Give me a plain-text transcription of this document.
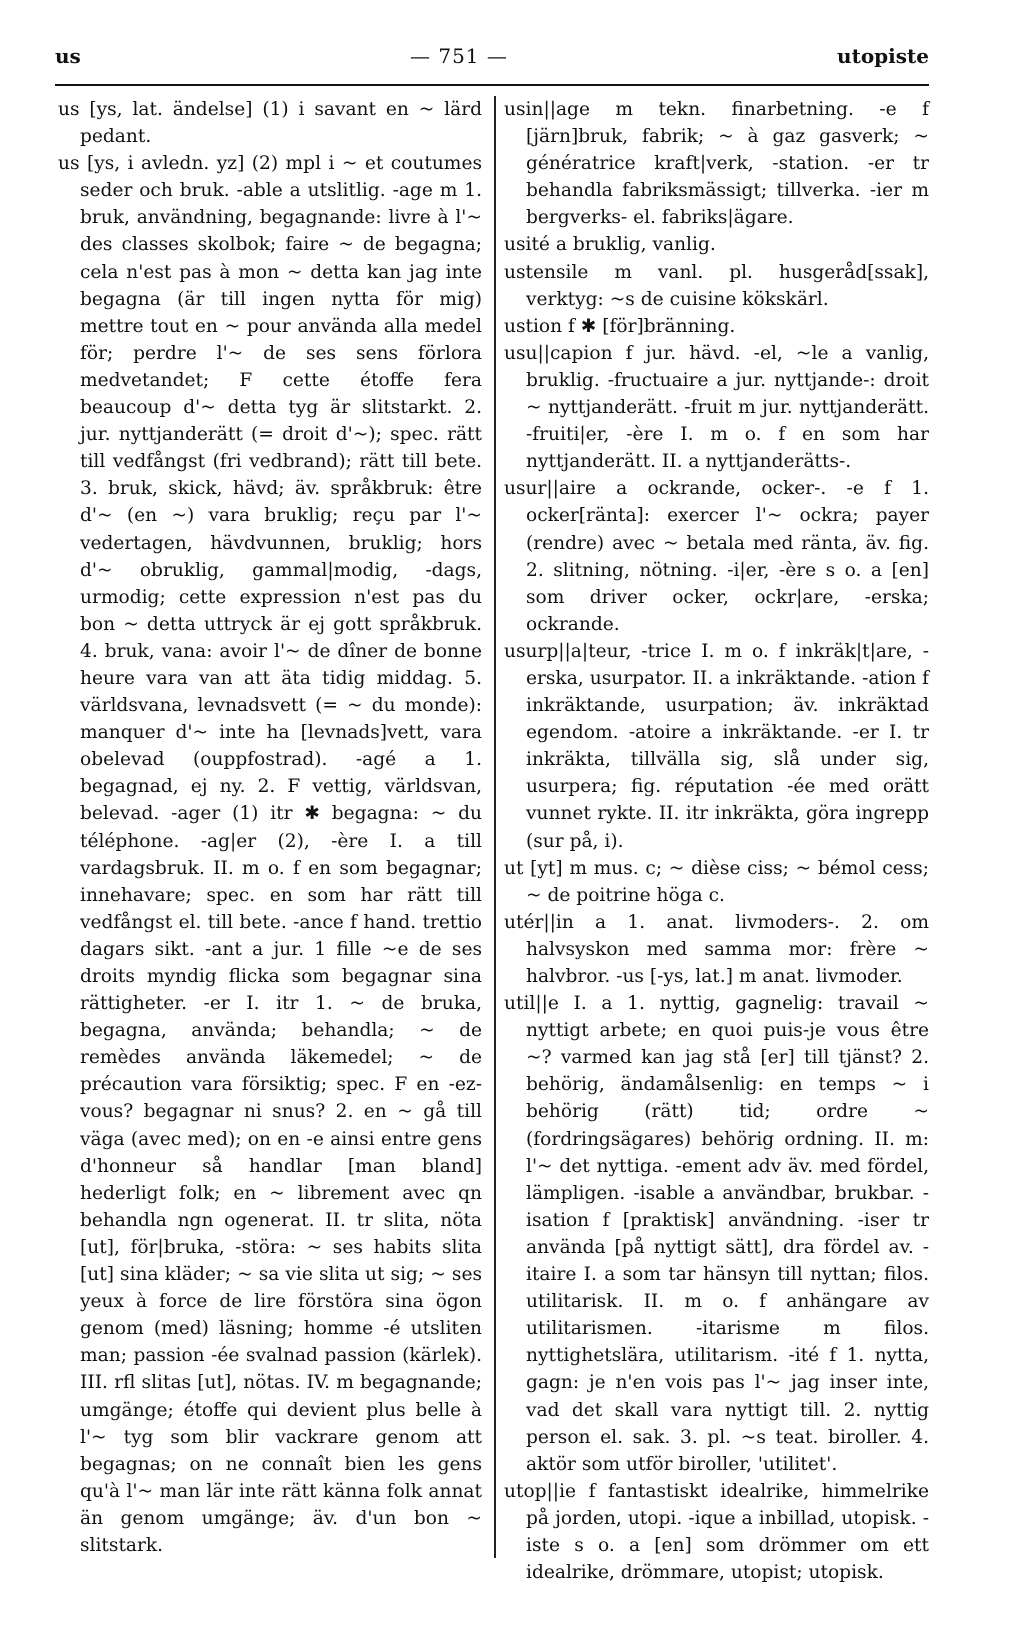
us	— 751 —	utopiste

us [ys, lat. ändelse] (1) i savant en ~ lärd pedant.

us [ys, i avledn. yz] (2) mpl i ~ et coutumes seder och bruk. -able a utslitlig. -age m 1. bruk, användning, begagnande: livre à l'~ des classes skolbok; faire ~ de begagna; cela n'est pas à mon ~ detta kan jag inte begagna (är till ingen nytta för mig) mettre tout en ~ pour använda alla medel för; perdre l'~ de ses sens förlora medvetandet; F cette étoffe fera beaucoup d'~ detta tyg är slitstarkt. 2. jur. nyttjanderätt (= droit d'~); spec. rätt till vedfångst (fri vedbrand); rätt till bete. 3. bruk, skick, hävd; äv. språkbruk: être d'~ (en ~) vara bruklig; reçu par l'~ vedertagen, hävdvunnen, bruklig; hors d'~ obruklig, gammal|modig, -dags, urmodig; cette expression n'est pas du bon ~ detta uttryck är ej gott språkbruk. 4. bruk, vana: avoir l'~ de dîner de bonne heure vara van att äta tidig middag. 5. världsvana, levnadsvett (= ~ du monde): manquer d'~ inte ha [levnads]vett, vara obelevad (ouppfostrad). -agé a 1. begagnad, ej ny. 2. F vettig, världsvan, belevad. -ager (1) itr ✱ begagna: ~ du téléphone. -ag|er (2), -ère I. a till vardagsbruk. II. m o. f en som begagnar; innehavare; spec. en som har rätt till vedfångst el. till bete. -ance f hand. trettio dagars sikt. -ant a jur. 1 fille ~e de ses droits myndig flicka som begagnar sina rättigheter. -er I. itr 1. ~ de bruka, begagna, använda; behandla; ~ de remèdes använda läkemedel; ~ de précaution vara försiktig; spec. F en -ez-vous? begagnar ni snus? 2. en ~ gå till väga (avec med); on en -e ainsi entre gens d'honneur så handlar [man bland] hederligt folk; en ~ librement avec qn behandla ngn ogenerat. II. tr slita, nöta [ut], för|bruka, -störa: ~ ses habits slita [ut] sina kläder; ~ sa vie slita ut sig; ~ ses yeux à force de lire förstöra sina ögon genom (med) läsning; homme -é utsliten man; passion -ée svalnad passion (kärlek). III. rfl slitas [ut], nötas. IV. m begagnande; umgänge; étoffe qui devient plus belle à l'~ tyg som blir vackrare genom att begagnas; on ne connaît bien les gens qu'à l'~ man lär inte rätt känna folk annat än genom umgänge; äv. d'un bon ~ slitstark.

usin||age m tekn. finarbetning. -e f [järn]bruk, fabrik; ~ à gaz gasverk; ~ génératrice kraft|verk, -station. -er tr behandla fabriksmässigt; tillverka. -ier m bergverks- el. fabriks|ägare.

usité a bruklig, vanlig.

ustensile m vanl. pl. husgeråd[ssak], verktyg: ~s de cuisine kökskärl.

ustion f ✱ [för]bränning.

usu||capion f jur. hävd. -el, ~le a vanlig, bruklig. -fructuaire a jur. nyttjande-: droit ~ nyttjanderätt. -fruit m jur. nyttjanderätt. -fruiti|er, -ère I. m o. f en som har nyttjanderätt. II. a nyttjanderätts-.

usur||aire a ockrande, ocker-. -e f 1. ocker[ränta]: exercer l'~ ockra; payer (rendre) avec ~ betala med ränta, äv. fig. 2. slitning, nötning. -i|er, -ère s o. a [en] som driver ocker, ockr|are, -erska; ockrande.

usurp||a|teur, -trice I. m o. f inkräk|t|are, -erska, usurpator. II. a inkräktande. -ation f inkräktande, usurpation; äv. inkräktad egendom. -atoire a inkräktande. -er I. tr inkräkta, tillvälla sig, slå under sig, usurpera; fig. réputation -ée med orätt vunnet rykte. II. itr inkräkta, göra ingrepp (sur på, i).

ut [yt] m mus. c; ~ dièse ciss; ~ bémol cess; ~ de poitrine höga c.

utér||in a 1. anat. livmoders-. 2. om halvsyskon med samma mor: frère ~ halvbror. -us [-ys, lat.] m anat. livmoder.

util||e I. a 1. nyttig, gagnelig: travail ~ nyttigt arbete; en quoi puis-je vous être ~? varmed kan jag stå [er] till tjänst? 2. behörig, ändamålsenlig: en temps ~ i behörig (rätt) tid; ordre ~ (fordringsägares) behörig ordning. II. m: l'~ det nyttiga. -ement adv äv. med fördel, lämpligen. -isable a användbar, brukbar. -isation f [praktisk] användning. -iser tr använda [på nyttigt sätt], dra fördel av. -itaire I. a som tar hänsyn till nyttan; filos. utilitarisk. II. m o. f anhängare av utilitarismen. -itarisme m filos. nyttighetslära, utilitarism. -ité f 1. nytta, gagn: je n'en vois pas l'~ jag inser inte, vad det skall vara nyttigt till. 2. nyttig person el. sak. 3. pl. ~s teat. biroller. 4. aktör som utför biroller, 'utilitet'.

utop||ie f fantastiskt idealrike, himmelrike på jorden, utopi. -ique a inbillad, utopisk. -iste s o. a [en] som drömmer om ett idealrike, drömmare, utopist; utopisk.
